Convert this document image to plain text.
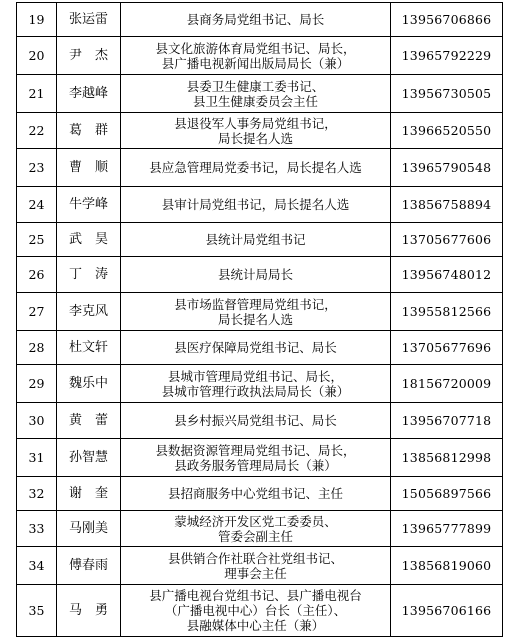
19	张运雷	县商务局党组书记、局长	13956706866
20	尹　杰	县文化旅游体育局党组书记、局长，
县广播电视新闻出版局局长（兼）	13965792229
21	李越峰	县委卫生健康工委书记、
县卫生健康委员会主任	13956730505
22	葛　群	县退役军人事务局党组书记，
局长提名人选	13966520550
23	曹　顺	县应急管理局党委书记，局长提名人选	13965790548
24	牛学峰	县审计局党组书记，局长提名人选	13856758894
25	武　昊	县统计局党组书记	13705677606
26	丁　涛	县统计局局长	13956748012
27	李克风	县市场监督管理局党组书记，
局长提名人选	13955812566
28	杜文轩	县医疗保障局党组书记、局长	13705677696
29	魏乐中	县城市管理局党组书记、局长，
县城市管理行政执法局局长（兼）	18156720009
30	黄　蕾	县乡村振兴局党组书记、局长	13956707718
31	孙智慧	县数据资源管理局党组书记、局长，
县政务服务管理局局长（兼）	13856812998
32	谢　奎	县招商服务中心党组书记、主任	15056897566
33	马刚美	蒙城经济开发区党工委委员、
管委会副主任	13965777899
34	傅春雨	县供销合作社联合社党组书记、
理事会主任	13856819060
35	马　勇	县广播电视台党组书记、县广播电视台
（广播电视中心）台长（主任）、
县融媒体中心主任（兼）	13956706166
